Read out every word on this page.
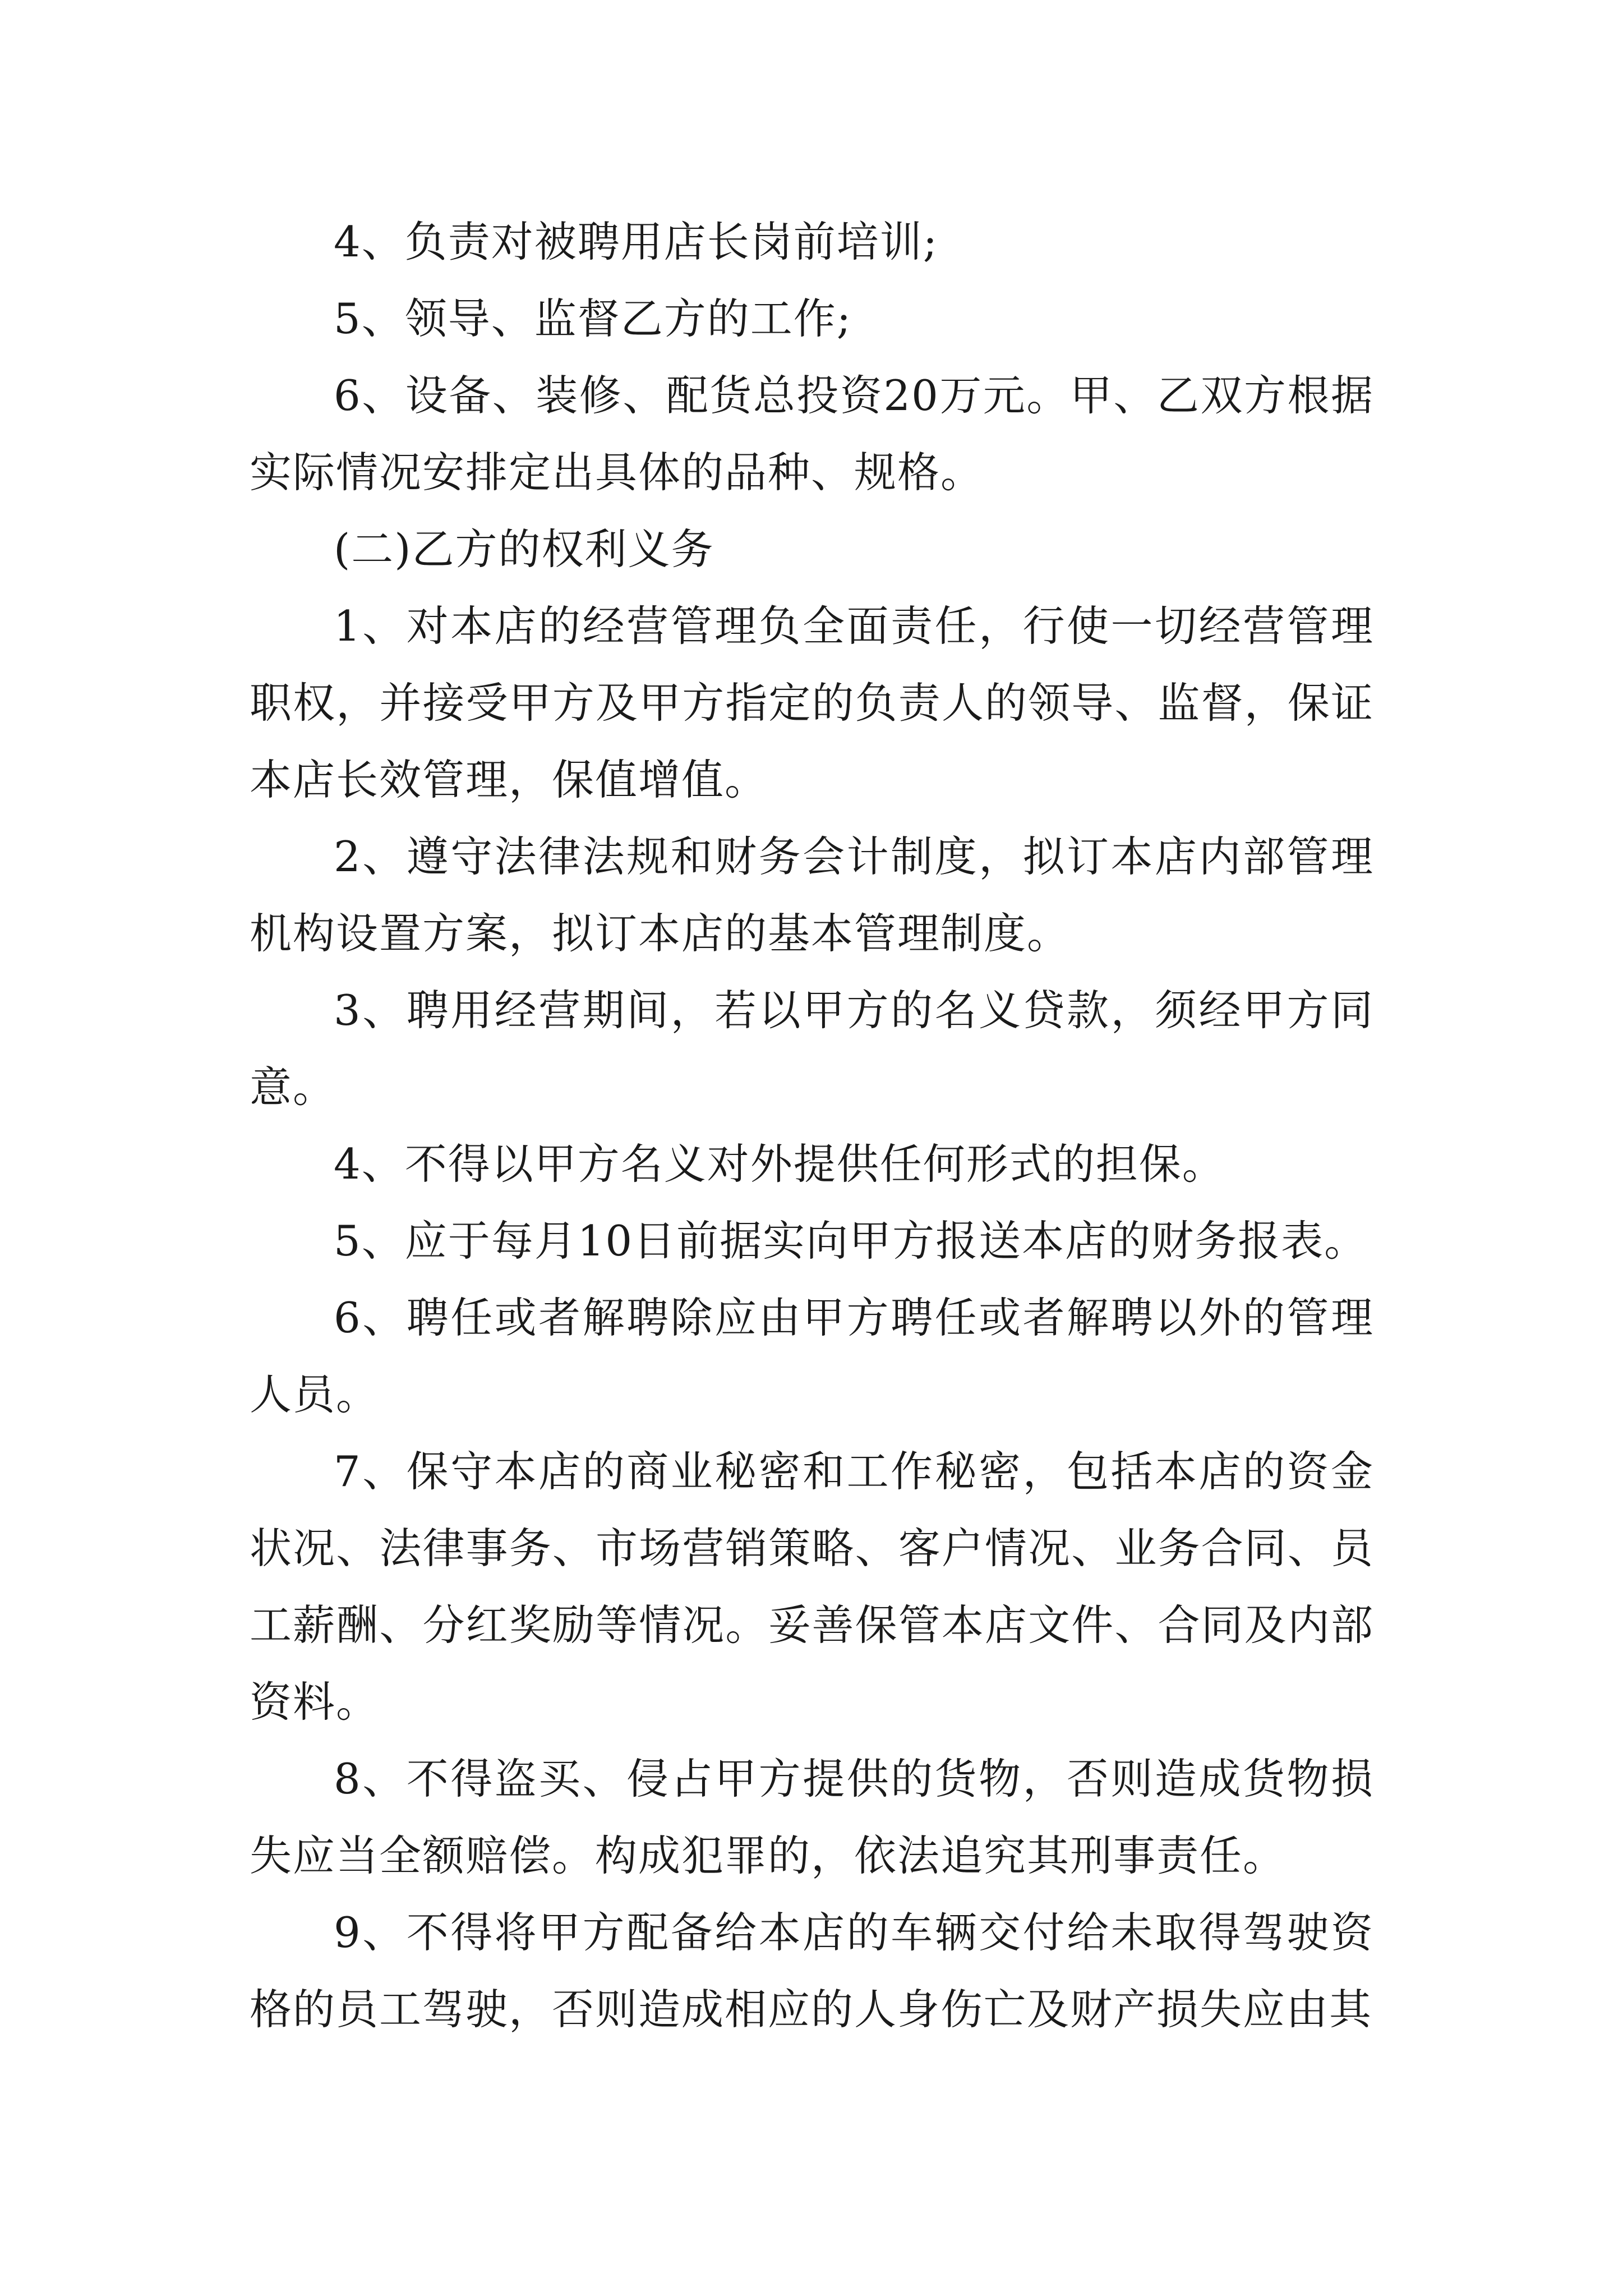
4、负责对被聘用店长岗前培训;

5、领导、监督乙方的工作;

6、设备、装修、配货总投资20万元。甲、乙双方根据实际情况安排定出具体的品种、规格。

(二)乙方的权利义务

1、对本店的经营管理负全面责任，行使一切经营管理职权，并接受甲方及甲方指定的负责人的领导、监督，保证本店长效管理，保值增值。

2、遵守法律法规和财务会计制度，拟订本店内部管理机构设置方案，拟订本店的基本管理制度。

3、聘用经营期间，若以甲方的名义贷款，须经甲方同意。

4、不得以甲方名义对外提供任何形式的担保。

5、应于每月10日前据实向甲方报送本店的财务报表。

6、聘任或者解聘除应由甲方聘任或者解聘以外的管理人员。

7、保守本店的商业秘密和工作秘密，包括本店的资金状况、法律事务、市场营销策略、客户情况、业务合同、员工薪酬、分红奖励等情况。妥善保管本店文件、合同及内部资料。

8、不得盗买、侵占甲方提供的货物，否则造成货物损失应当全额赔偿。构成犯罪的，依法追究其刑事责任。

9、不得将甲方配备给本店的车辆交付给未取得驾驶资格的员工驾驶，否则造成相应的人身伤亡及财产损失应由其
